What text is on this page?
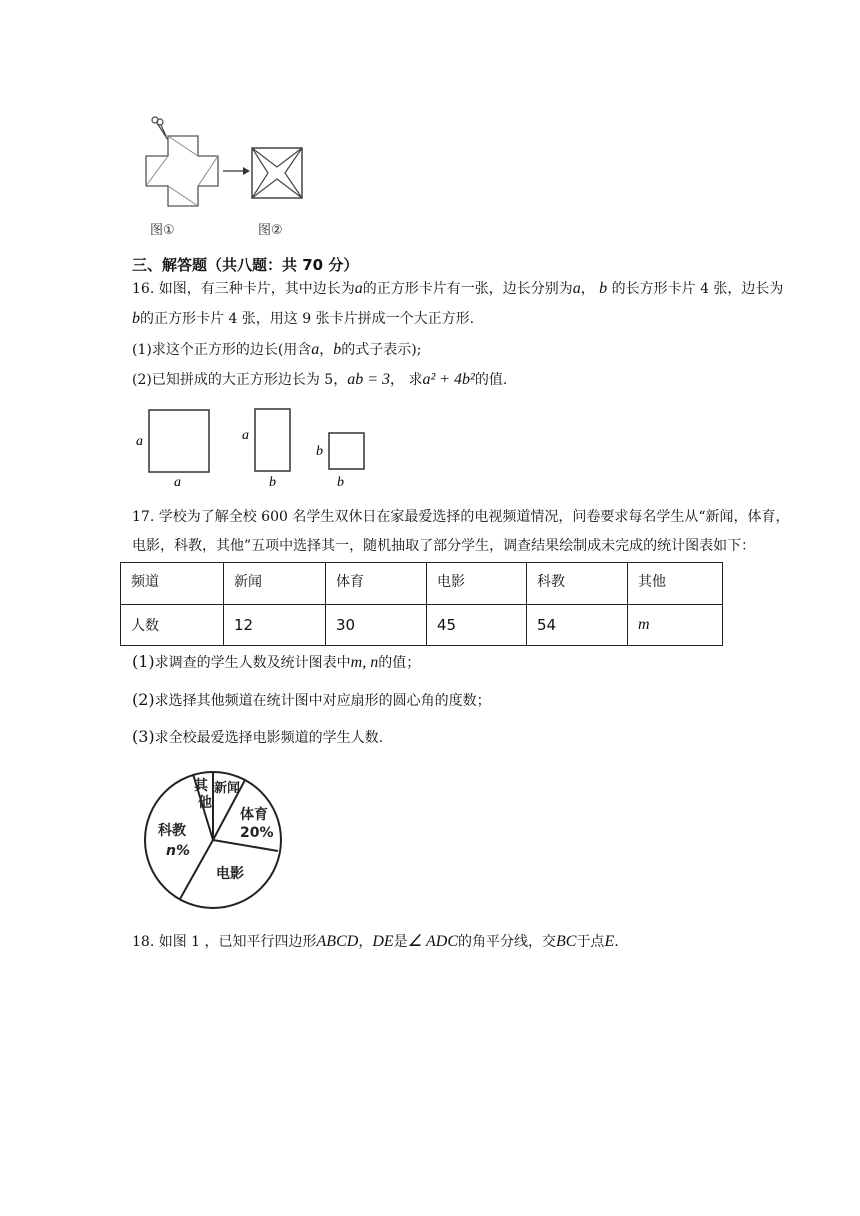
图①	图②
三、解答题（共八题：共 70 分）
16. 如图，有三种卡片，其中边长为a的正方形卡片有一张，边长分别为a， b 的长方形卡片 4 张，边长为
b的正方形卡片 4 张，用这 9 张卡片拼成一个大正方形.
(1)求这个正方形的边长(用含a，b的式子表示);
(2)已知拼成的大正方形边长为 5，ab = 3， 求a² + 4b²的值.
a
a
a
b
b
b
17. 学校为了解全校 600 名学生双休日在家最爱选择的电视频道情况，问卷要求每名学生从“新闻，体育，
电影，科教，其他”五项中选择其一，随机抽取了部分学生，调查结果绘制成未完成的统计图表如下：
频道	新闻	体育	电影	科教	其他
人数	12	30	45	54	m
(1)求调查的学生人数及统计图表中m, n的值；
(2)求选择其他频道在统计图中对应扇形的圆心角的度数；
(3)求全校最爱选择电影频道的学生人数.
其
他
新闻
体育
20%
科教
n%
电影
18. 如图 1 ，已知平行四边形ABCD，DE是∠ ADC的角平分线，交BC于点E.
